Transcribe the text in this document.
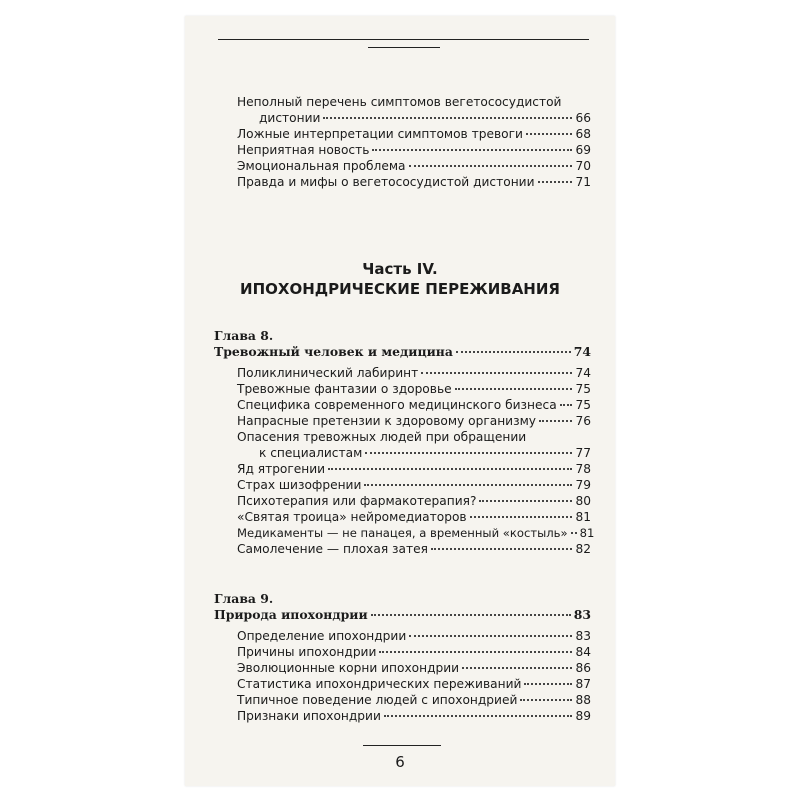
Неполный перечень симптомов вегетососудистой
дистонии	66
Ложные интерпретации симптомов тревоги	68
Неприятная новость	69
Эмоциональная проблема	70
Правда и мифы о вегетососудистой дистонии	71
Часть IV.
ИПОХОНДРИЧЕСКИЕ ПЕРЕЖИВАНИЯ
Глава 8.
Тревожный человек и медицина	74
Поликлинический лабиринт	74
Тревожные фантазии о здоровье	75
Специфика современного медицинского бизнеса 75
Напрасные претензии к здоровому организму	76
Опасения тревожных людей при обращении
к специалистам	77
Яд ятрогении	78
Страх шизофрении	79
Психотерапия или фармакотерапия?	80
«Святая троица» нейромедиаторов	81
Медикаменты — не панацея, а временный «костыль» 81
Самолечение — плохая затея	82
Глава 9.
Природа ипохондрии	83
Определение ипохондрии	83
Причины ипохондрии	84
Эволюционные корни ипохондрии	86
Статистика ипохондрических переживаний	87
Типичное поведение людей с ипохондрией	88
Признаки ипохондрии	89
6
